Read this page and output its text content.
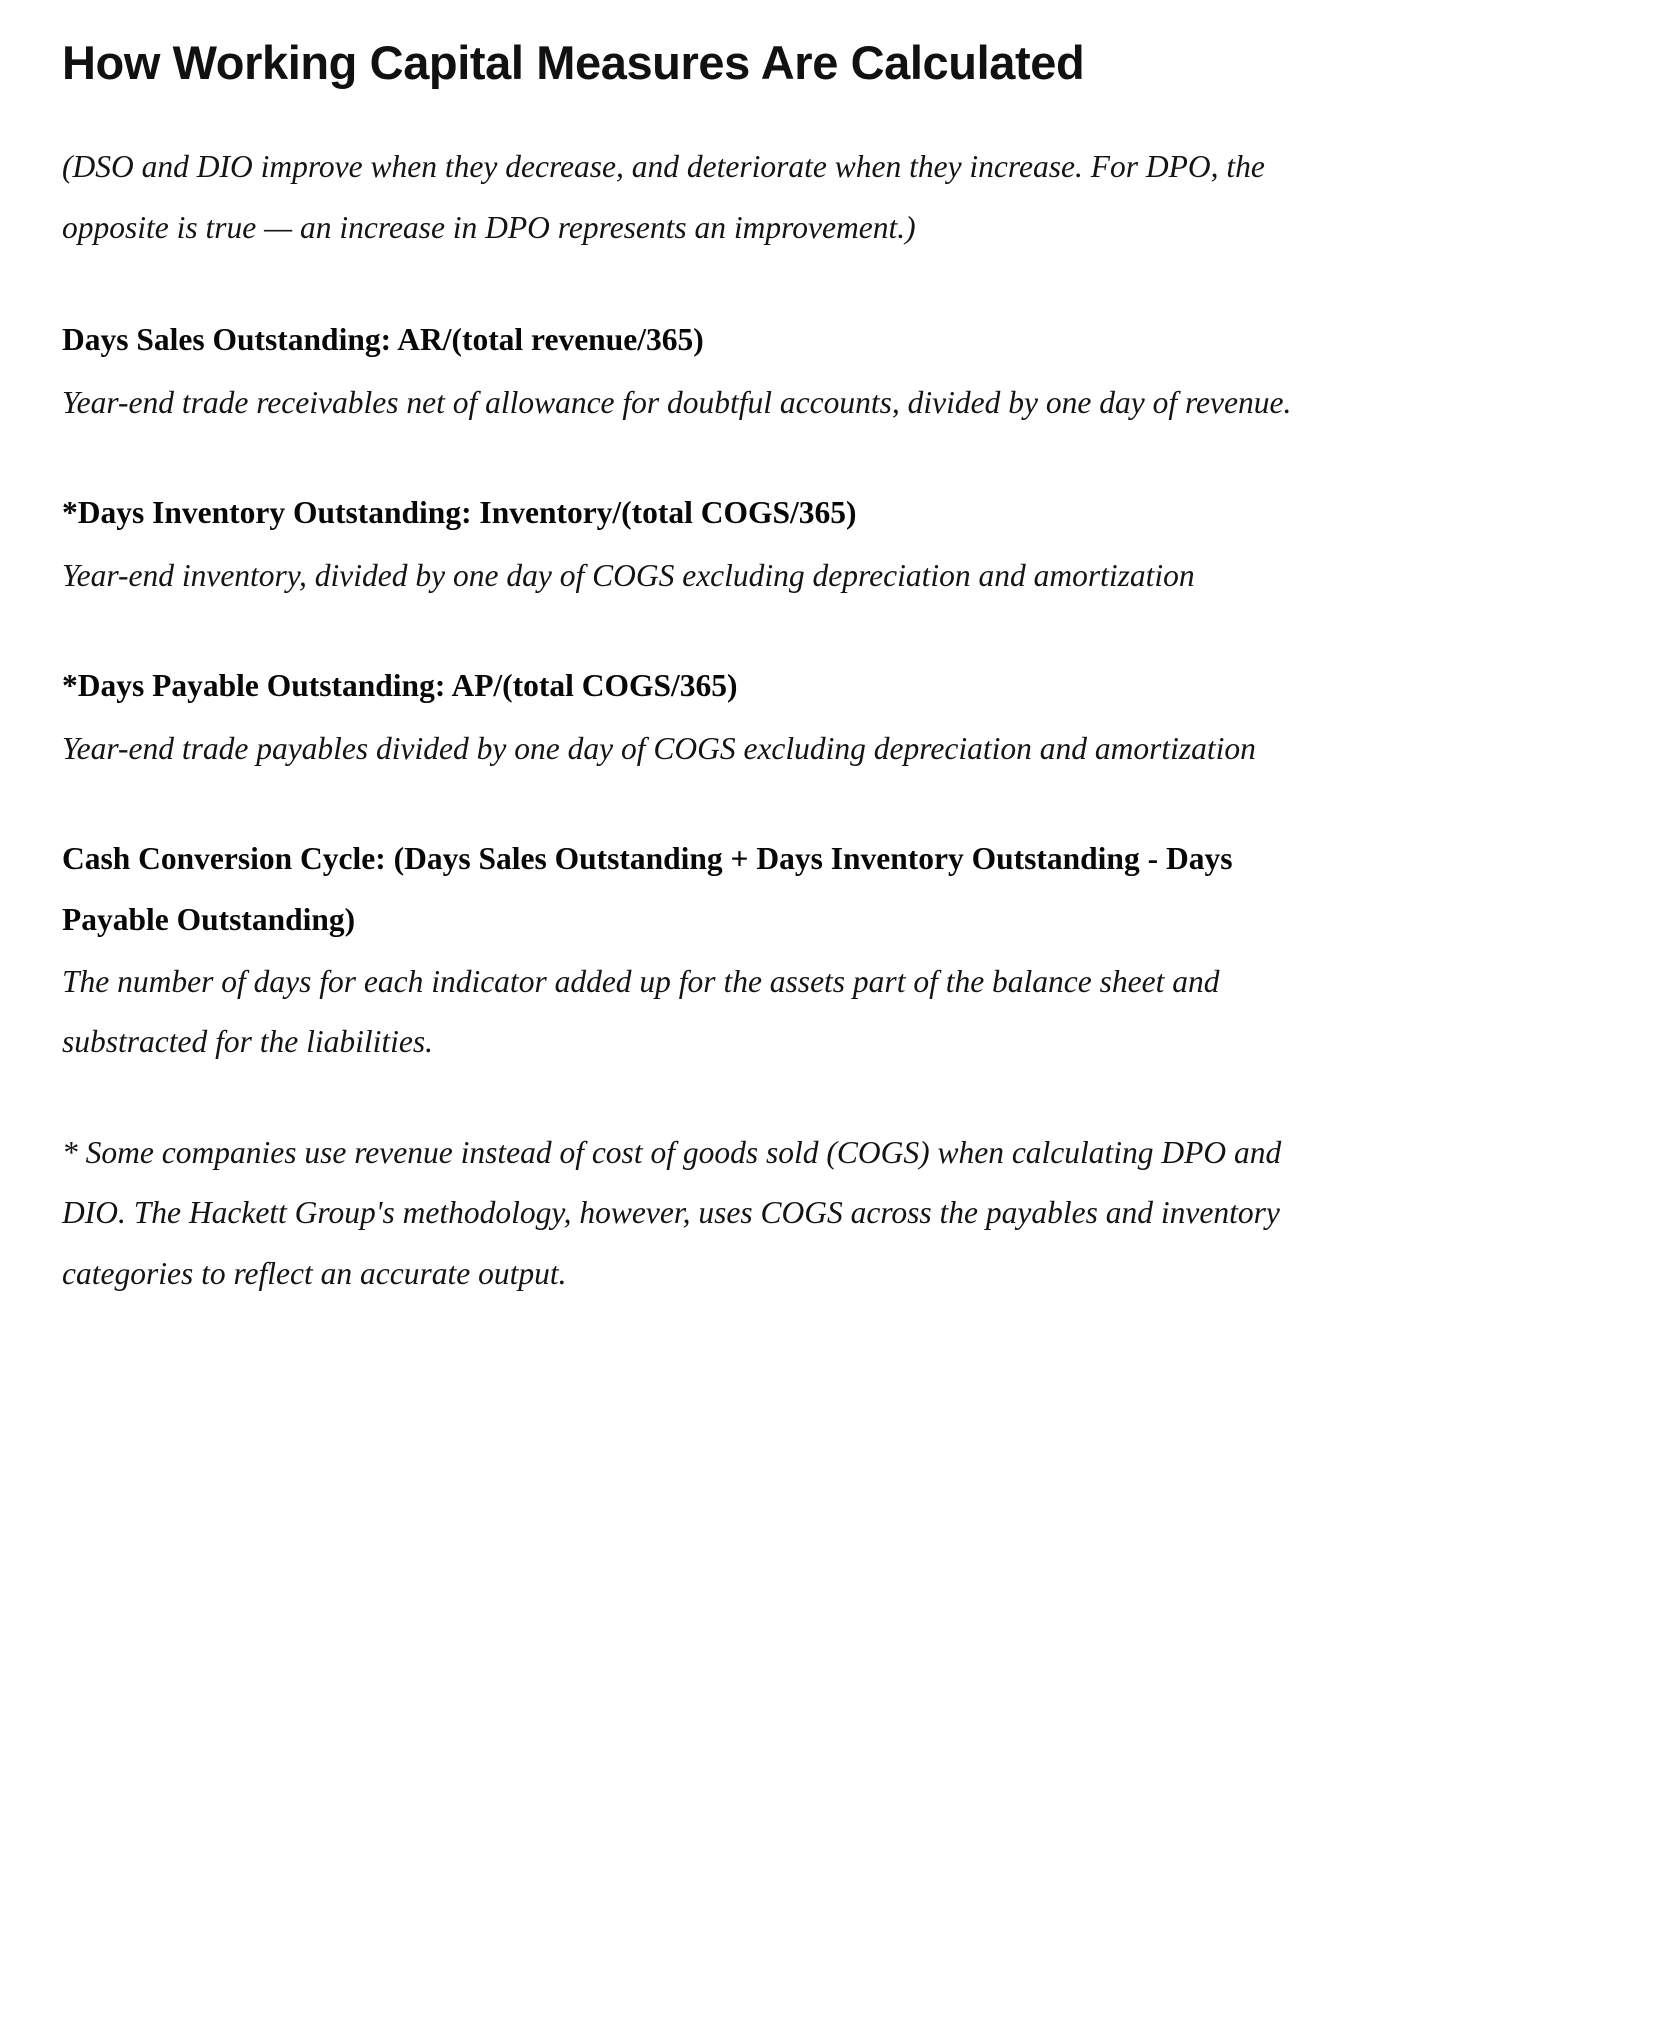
How Working Capital Measures Are Calculated

(DSO and DIO improve when they decrease, and deteriorate when they increase. For DPO, the opposite is true — an increase in DPO represents an improvement.)

Days Sales Outstanding: AR/(total revenue/365)
Year-end trade receivables net of allowance for doubtful accounts, divided by one day of revenue.
*Days Inventory Outstanding: Inventory/(total COGS/365)
Year-end inventory, divided by one day of COGS excluding depreciation and amortization
*Days Payable Outstanding: AP/(total COGS/365)
Year-end trade payables divided by one day of COGS excluding depreciation and amortization
Cash Conversion Cycle: (Days Sales Outstanding + Days Inventory Outstanding - Days Payable Outstanding)
The number of days for each indicator added up for the assets part of the balance sheet and substracted for the liabilities.

* Some companies use revenue instead of cost of goods sold (COGS) when calculating DPO and DIO. The Hackett Group's methodology, however, uses COGS across the payables and inventory categories to reflect an accurate output.
